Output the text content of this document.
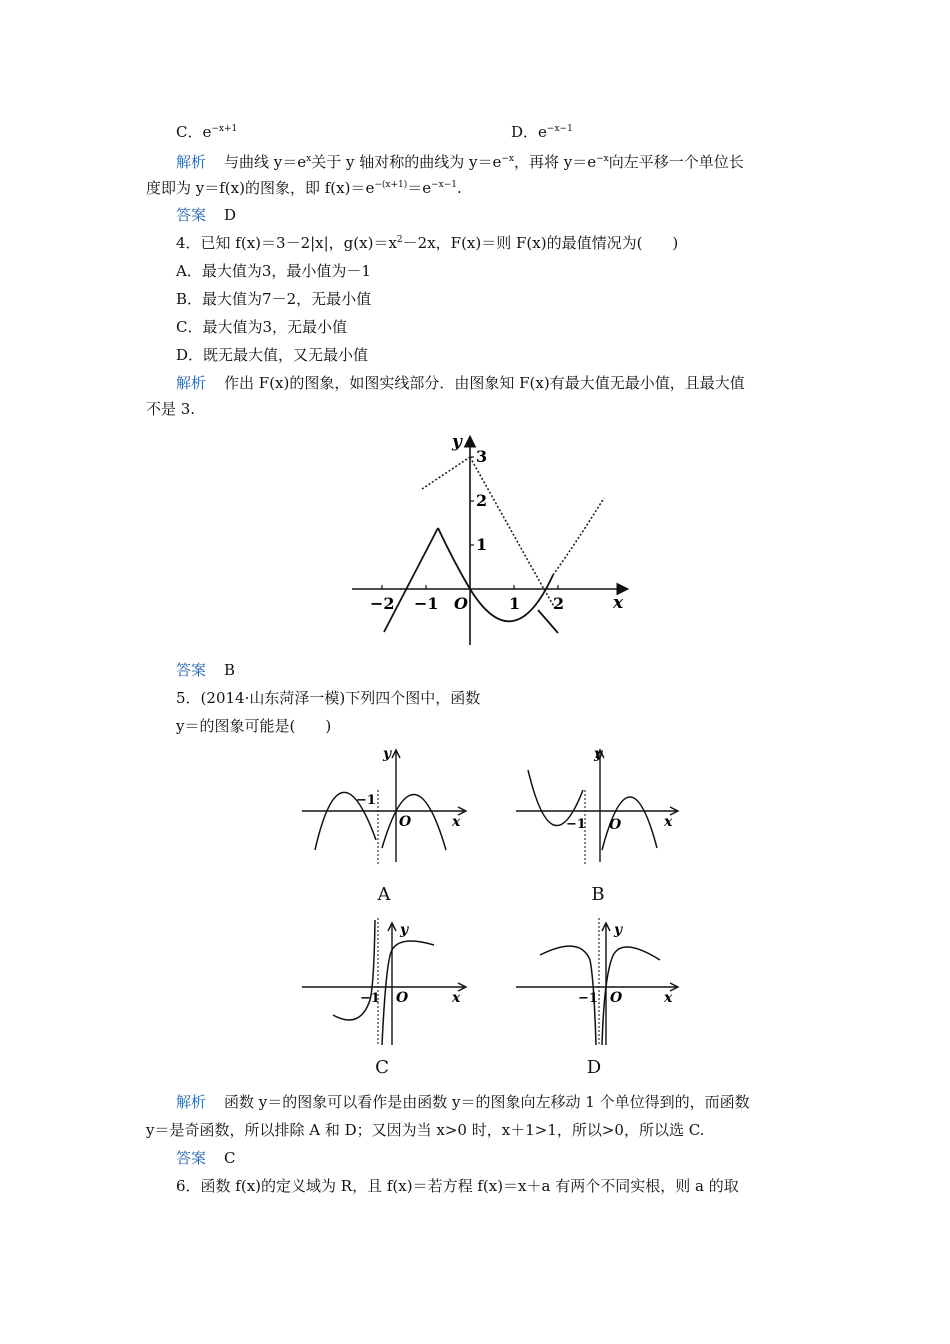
C．$e^{-x+1}$	D．$e^{-x-1}$
解析 与曲线 $y=e^x$关于 y 轴对称的曲线为 $y=e^{-x}$，再将 $y=e^{-x}$向左平移一个单位长
度即为 y＝f(x)的图象，即 $f(x)=e^{-(x+1)}=e^{-x-1}$.
答案 D
4．已知 f(x)＝3－2|x|，$g(x)=x^2-2x$，F(x)＝则 F(x)的最值情况为(　　)
A．最大值为3，最小值为－1
B．最大值为7－2，无最小值
C．最大值为3，无最小值
D．既无最大值，又无最小值
解析 作出 F(x)的图象，如图实线部分．由图象知 F(x)有最大值无最小值，且最大值
不是 3.
x
y
O
−2 −1	1 2
1
2
3
答案 B
5．(2014·山东菏泽一模)下列四个图中，函数
y＝的图象可能是(　　)
y
x
O
−1
y
x
O
−1
A	B
y
x
O
−1
y
x
O
−1
C	D
解析 函数 y＝的图象可以看作是由函数 y＝的图象向左移动 1 个单位得到的，而函数
y＝是奇函数，所以排除 A 和 D；又因为当 x>0 时，x＋1>1，所以>0，所以选 C.
答案 C
6．函数 f(x)的定义域为 R，且 f(x)＝若方程 f(x)＝x＋a 有两个不同实根，则 a 的取
